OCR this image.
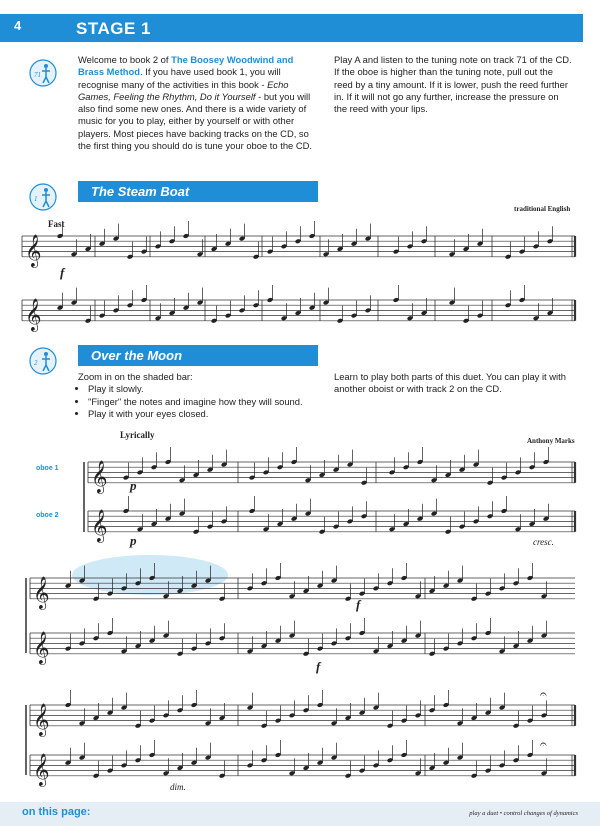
4	STAGE 1
71
1
2
Welcome to book 2 of The Boosey Woodwind and Brass Method. If you have used book 1, you will recognise many of the activities in this book - Echo Games, Feeling the Rhythm, Do it Yourself - but you will also find some new ones. And there is a wide variety of music for you to play, either by yourself or with other players. Most pieces have backing tracks on the CD, so the first thing you should do is tune your oboe to the CD.
Play A and listen to the tuning note on track 71 of the CD. If the oboe is higher than the tuning note, pull out the reed by a tiny amount. If it is lower, push the reed further in. If it will not go any further, increase the pressure on the reed with your lips.
The Steam Boat
traditional English
Fast
f
Over the Moon
Zoom in on the shaded bar:
• Play it slowly.
• "Finger" the notes and imagine how they will sound.
• Play it with your eyes closed.
Learn to play both parts of this duet. You can play it with another oboist or with track 2 on the CD.
Lyrically
Anthony Marks
oboe 1
oboe 2
p
p	cresc.
f
f
dim.
𝄞
𝄞
𝄞
𝄞
𝄞
𝄞
𝄞
𝄞
𝄐
𝄐
on this page:	play a duet • control changes of dynamics
